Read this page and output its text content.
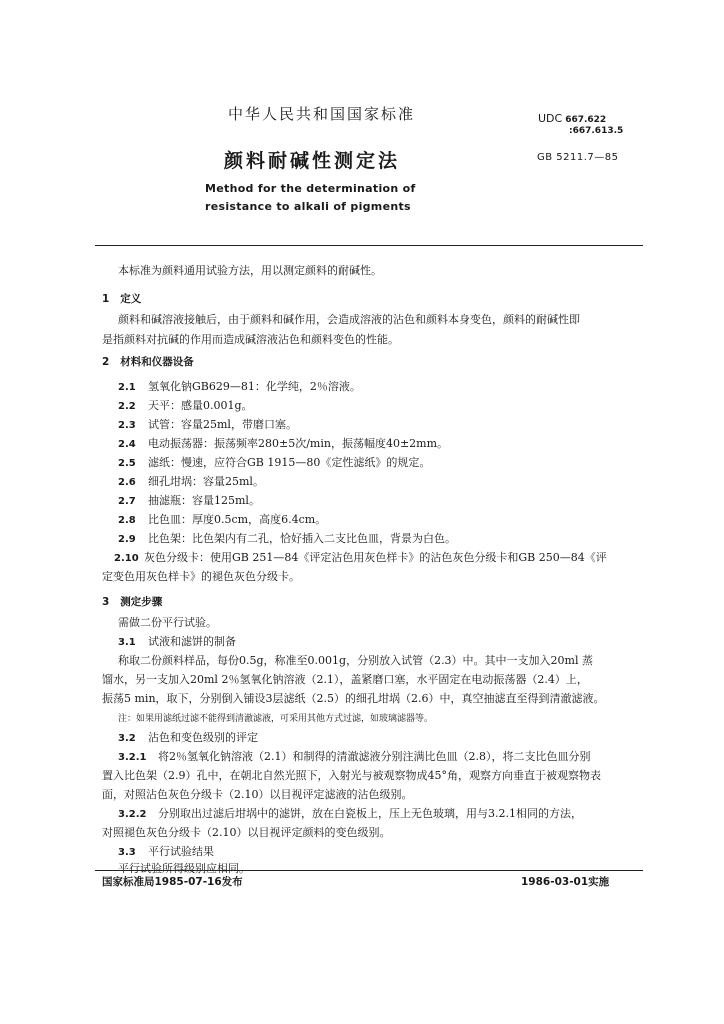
中华人民共和国国家标准	UDC 667.622
:667.613.5
颜料耐碱性测定法	GB 5211.7—85
Method for the determination of
resistance to alkali of pigments
本标准为颜料通用试验方法，用以测定颜料的耐碱性。
1 定义
颜料和碱溶液接触后，由于颜料和碱作用，会造成溶液的沾色和颜料本身变色，颜料的耐碱性即
是指颜料对抗碱的作用而造成碱溶液沾色和颜料变色的性能。
2 材料和仪器设备
2.1 氢氧化钠GB629—81：化学纯，2％溶液。
2.2 天平：感量0.001g。
2.3 试管：容量25ml，带磨口塞。
2.4 电动振荡器：振荡频率280±5次/min，振荡幅度40±2mm。
2.5 滤纸：慢速，应符合GB 1915—80《定性滤纸》的规定。
2.6 细孔坩埚：容量25ml。
2.7 抽滤瓶：容量125ml。
2.8 比色皿：厚度0.5cm，高度6.4cm。
2.9 比色架：比色架内有二孔，恰好插入二支比色皿，背景为白色。
2.10 灰色分级卡：使用GB 251—84《评定沾色用灰色样卡》的沾色灰色分级卡和GB 250—84《评
定变色用灰色样卡》的褪色灰色分级卡。
3 测定步骤
需做二份平行试验。
3.1 试液和滤饼的制备
称取二份颜料样品，每份0.5g，称准至0.001g，分别放入试管（2.3）中。其中一支加入20ml 蒸
馏水，另一支加入20ml 2％氢氧化钠溶液（2.1），盖紧磨口塞，水平固定在电动振荡器（2.4）上，
振荡5 min，取下，分别倒入铺设3层滤纸（2.5）的细孔坩埚（2.6）中，真空抽滤直至得到清澈滤液。
注：如果用滤纸过滤不能得到清澈滤液，可采用其他方式过滤，如玻璃滤器等。
3.2 沾色和变色级别的评定
3.2.1 将2％氢氧化钠溶液（2.1）和制得的清澈滤液分别注满比色皿（2.8），将二支比色皿分别
置入比色架（2.9）孔中，在朝北自然光照下，入射光与被观察物成45°角，观察方向垂直于被观察物表
面，对照沾色灰色分级卡（2.10）以目视评定滤液的沾色级别。
3.2.2 分别取出过滤后坩埚中的滤饼，放在白瓷板上，压上无色玻璃，用与3.2.1相同的方法，
对照褪色灰色分级卡（2.10）以目视评定颜料的变色级别。
3.3 平行试验结果
平行试验所得级别应相同。
国家标准局1985-07-16发布	1986-03-01实施
